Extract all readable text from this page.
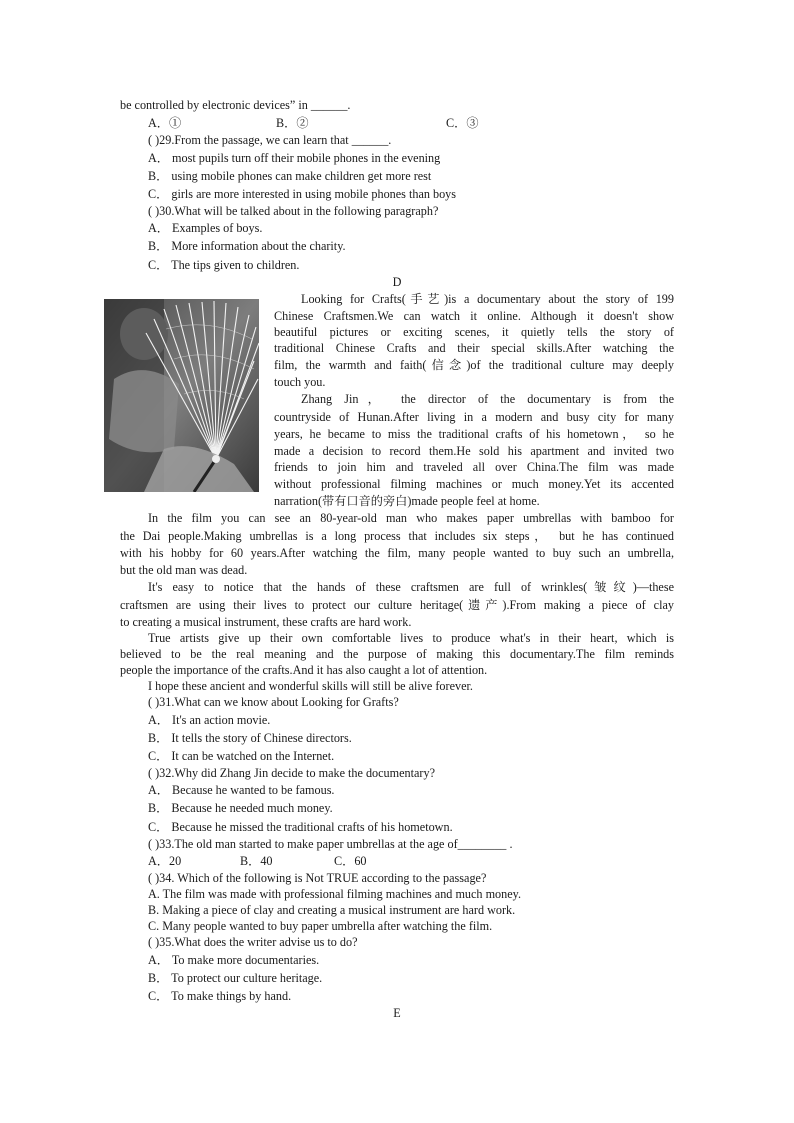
be controlled by electronic devices” in ______.
A．①	B．②	C．③
( )29.From the passage, we can learn that ______.
A． most pupils turn off their mobile phones in the evening
B． using mobile phones can make children get more rest
C． girls are more interested in using mobile phones than boys
( )30.What will be talked about in the following paragraph?
A． Examples of boys.
B． More information about the charity.
C． The tips given to children.
D
Looking for Crafts(手艺)is a documentary about the story of 199
Chinese Craftsmen.We can watch it online. Although it doesn't show
beautiful pictures or exciting scenes, it quietly tells the story of
traditional Chinese Crafts and their special skills.After watching the
film, the warmth and faith(信念)of the traditional culture may deeply
touch you.
Zhang Jin， the director of the documentary is from the
countryside of Hunan.After living in a modern and busy city for many
years, he became to miss the traditional crafts of his hometown， so he
made a decision to record them.He sold his apartment and invited two
friends to join him and traveled all over China.The film was made
without professional filming machines or much money.Yet its accented
narration(带有口音的旁白)made people feel at home.
In the film you can see an 80-year-old man who makes paper umbrellas with bamboo for
the Dai people.Making umbrellas is a long process that includes six steps， but he has continued
with his hobby for 60 years.After watching the film, many people wanted to buy such an umbrella,
but the old man was dead.
It's easy to notice that the hands of these craftsmen are full of wrinkles(皱纹)—these
craftsmen are using their lives to protect our culture heritage(遗产).From making a piece of clay
to creating a musical instrument, these crafts are hard work.
True artists give up their own comfortable lives to produce what's in their heart, which is
believed to be the real meaning and the purpose of making this documentary.The film reminds
people the importance of the crafts.And it has also caught a lot of attention.
I hope these ancient and wonderful skills will still be alive forever.
( )31.What can we know about Looking for Grafts?
A． It's an action movie.
B． It tells the story of Chinese directors.
C． It can be watched on the Internet.
( )32.Why did Zhang Jin decide to make the documentary?
A． Because he wanted to be famous.
B． Because he needed much money.
C． Because he missed the traditional crafts of his hometown.
( )33.The old man started to make paper umbrellas at the age of________ .
A．20	B．40	C．60
( )34. Which of the following is Not TRUE according to the passage?
A. The film was made with professional filming machines and much money.
B. Making a piece of clay and creating a musical instrument are hard work.
C. Many people wanted to buy paper umbrella after watching the film.
( )35.What does the writer advise us to do?
A． To make more documentaries.
B． To protect our culture heritage.
C． To make things by hand.
E
